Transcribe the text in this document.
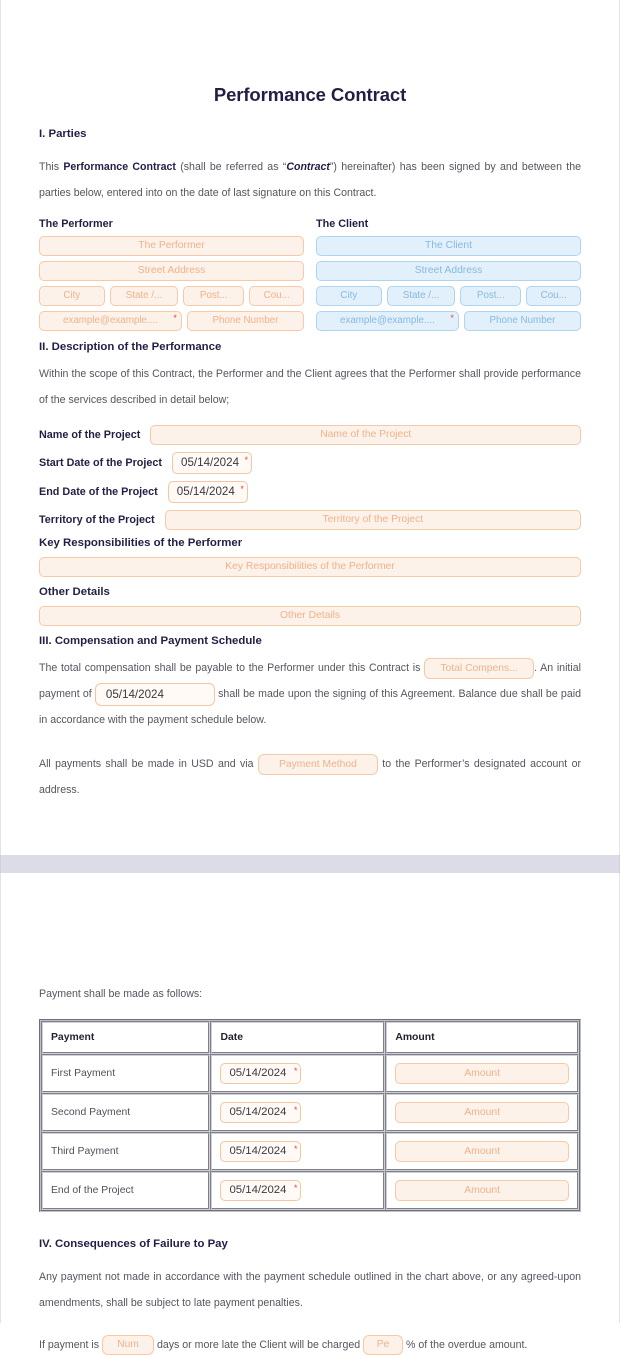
Performance Contract
I. Parties

This Performance Contract (shall be referred as “Contract”) hereinafter) has been signed by and between the parties below, entered into on the date of last signature on this Contract.

The Performer
The Performer
Street Address
City	State /...	Post...	Cou...
example@example.... *	Phone Number
The Client
The Client
Street Address
City	State /...	Post...	Cou...
example@example.... *	Phone Number
II. Description of the Performance

Within the scope of this Contract, the Performer and the Client agrees that the Performer shall provide performance of the services described in detail below;

Name of the Project	Name of the Project
Start Date of the Project	05/14/2024 *
End Date of the Project	05/14/2024 *
Territory of the Project	Territory of the Project
Key Responsibilities of the Performer
Key Responsibilities of the Performer
Other Details
Other Details
III. Compensation and Payment Schedule

The total compensation shall be payable to the Performer under this Contract is Total Compens... . An initial payment of 05/14/2024	shall be made upon the signing of this Agreement. Balance due shall be paid in accordance with the payment schedule below.

All payments shall be made in USD and via Payment Method to the Performer’s designated account or address.

Payment shall be made as follows:

Payment	Date	Amount
First Payment	05/14/2024 *	Amount

Second Payment	05/14/2024 *	Amount

Third Payment	05/14/2024 *	Amount

End of the Project	05/14/2024 *	Amount
IV. Consequences of Failure to Pay

Any payment not made in accordance with the payment schedule outlined in the chart above, or any agreed-upon amendments, shall be subject to late payment penalties.

If payment is Num days or more late the Client will be charged Pe % of the overdue amount.
